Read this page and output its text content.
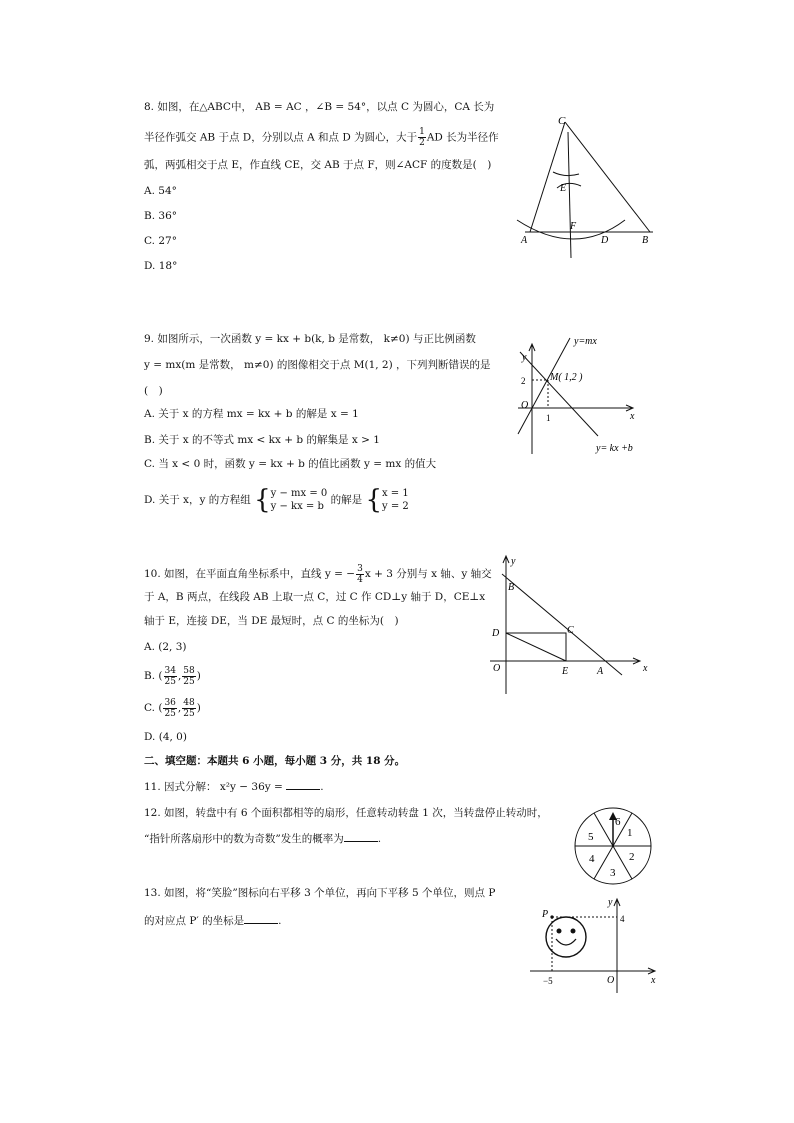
8. 如图，在△ABC中， AB = AC ，∠B = 54°，以点 C 为圆心，CA 长为
半径作弧交 AB 于点 D，分别以点 A 和点 D 为圆心，大于 $\frac{1}{2}$ AD 长为半径作
弧，两弧相交于点 E，作直线 CE，交 AB 于点 F，则∠ACF 的度数是(　)
A. 54°
B. 36°
C. 27°
D. 18°
C
E
F
A	D	B
9. 如图所示，一次函数 y = kx + b(k, b 是常数， k≠0) 与正比例函数
y = mx(m 是常数， m≠0) 的图像相交于点 M(1, 2) ，下列判断错误的是
(　)
A. 关于 x 的方程 mx = kx + b 的解是 x = 1
B. 关于 x 的不等式 mx < kx + b 的解集是 x > 1
C. 当 x < 0 时，函数 y = kx + b 的值比函数 y = mx 的值大
D. 关于 x，y 的方程组 {y − mx = 0
y − kx = b 的解是 {x = 1
y = 2
y
y=mx
M( 1,2 )
2
O
1	x
y= kx +b
10. 如图，在平面直角坐标系中，直线 y = − $\frac{3}{4}$ x + 3 分别与 x 轴、y 轴交
于 A，B 两点，在线段 AB 上取一点 C，过 C 作 CD⊥y 轴于 D，CE⊥x
轴于 E，连接 DE，当 DE 最短时，点 C 的坐标为(　)
A. (2, 3)
B. ( $\frac{34}{25}$ , $\frac{58}{25}$ )
C. ( $\frac{36}{25}$ , $\frac{48}{25}$ )
D. (4, 0)
y
B
D	C
O	E	A	x
二、填空题：本题共 6 小题，每小题 3 分，共 18 分。
11. 因式分解： x²y − 36y =	.
12. 如图，转盘中有 6 个面积都相等的扇形，任意转动转盘 1 次，当转盘停止转动时，
“指针所落扇形中的数为奇数”发生的概率为	.	1
2
3
4
5
6
13. 如图，将“笑脸”图标向右平移 3 个单位，再向下平移 5 个单位，则点 P
的对应点 P′ 的坐标是	.
y
P	4
−5	O	x
